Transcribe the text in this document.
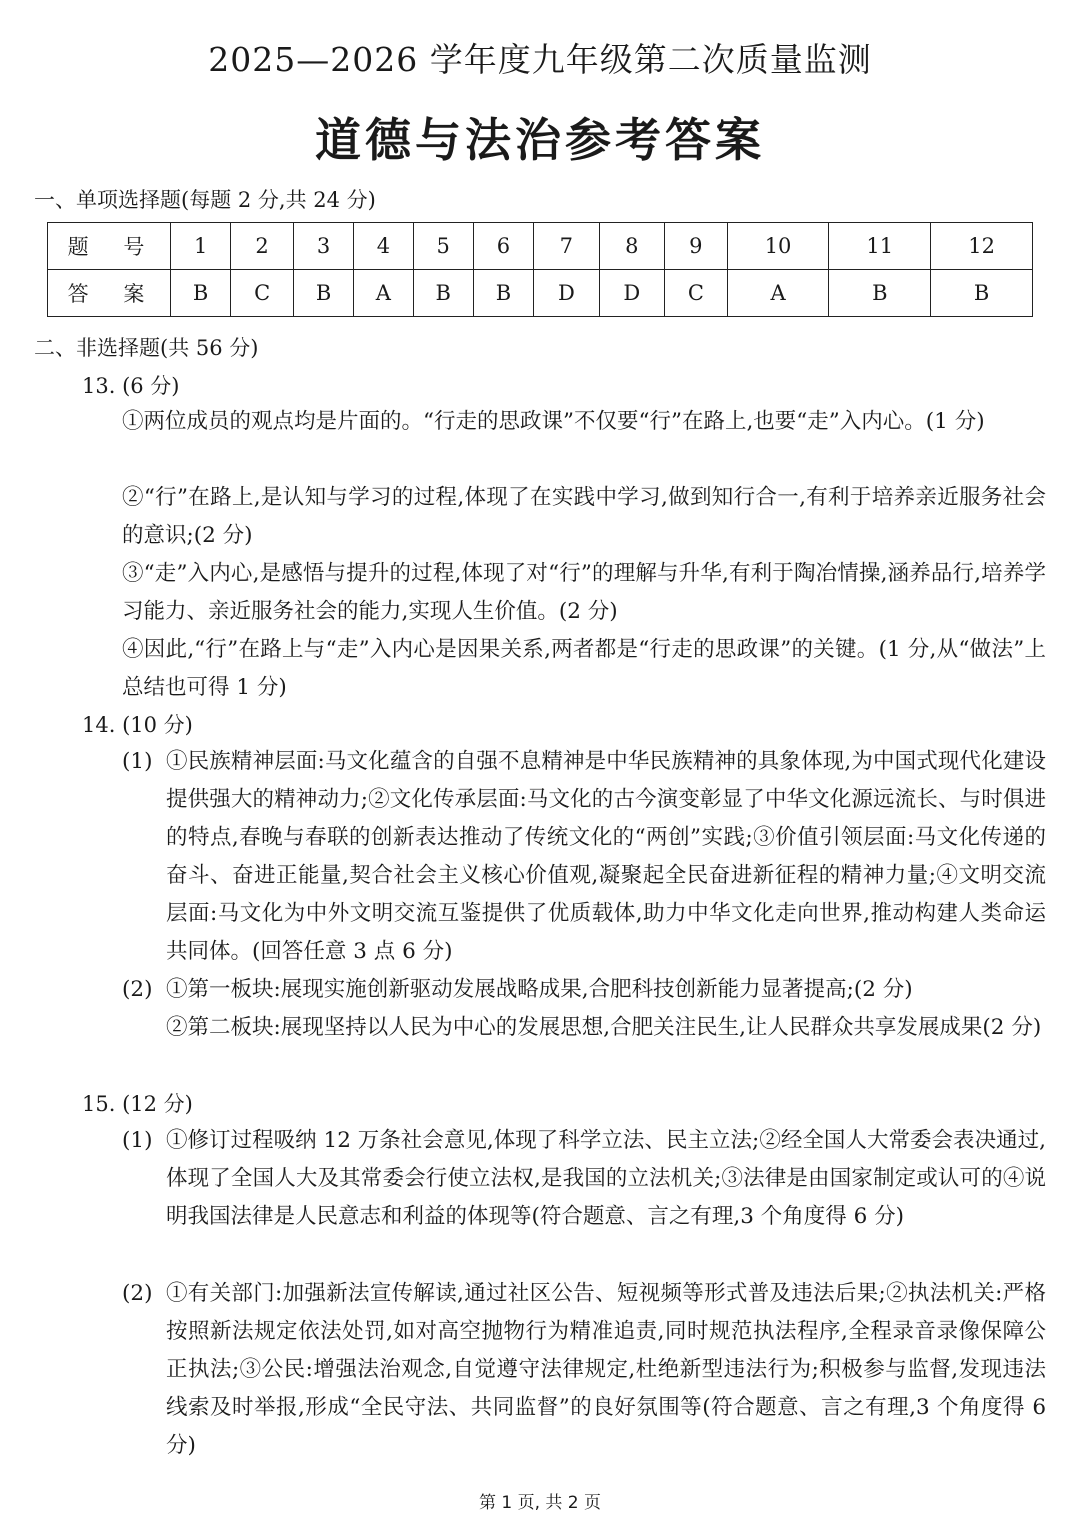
2025—2026 学年度九年级第二次质量监测
道德与法治参考答案
一、单项选择题(每题 2 分,共 24 分)
题 号	1	2	3	4	5	6	7	8	9	10	11	12
答 案	B	C	B	A	B	B	D	D	C	A	B	B
二、非选择题(共 56 分)
13. (6 分)
①两位成员的观点均是片面的。“行走的思政课”不仅要“行”在路上,也要“走”入内心。(1 分)
②“行”在路上,是认知与学习的过程,体现了在实践中学习,做到知行合一,有利于培养亲近服务社会的意识;(2 分)
③“走”入内心,是感悟与提升的过程,体现了对“行”的理解与升华,有利于陶冶情操,涵养品行,培养学习能力、亲近服务社会的能力,实现人生价值。(2 分)
④因此,“行”在路上与“走”入内心是因果关系,两者都是“行走的思政课”的关键。(1 分,从“做法”上总结也可得 1 分)
14. (10 分)
(1) ①民族精神层面:马文化蕴含的自强不息精神是中华民族精神的具象体现,为中国式现代化建设提供强大的精神动力;②文化传承层面:马文化的古今演变彰显了中华文化源远流长、与时俱进的特点,春晚与春联的创新表达推动了传统文化的“两创”实践;③价值引领层面:马文化传递的奋斗、奋进正能量,契合社会主义核心价值观,凝聚起全民奋进新征程的精神力量;④文明交流层面:马文化为中外文明交流互鉴提供了优质载体,助力中华文化走向世界,推动构建人类命运共同体。(回答任意 3 点 6 分)
(2) ①第一板块:展现实施创新驱动发展战略成果,合肥科技创新能力显著提高;(2 分)
②第二板块:展现坚持以人民为中心的发展思想,合肥关注民生,让人民群众共享发展成果(2 分)
15. (12 分)
(1) ①修订过程吸纳 12 万条社会意见,体现了科学立法、民主立法;②经全国人大常委会表决通过,体现了全国人大及其常委会行使立法权,是我国的立法机关;③法律是由国家制定或认可的④说明我国法律是人民意志和利益的体现等(符合题意、言之有理,3 个角度得 6 分)
(2) ①有关部门:加强新法宣传解读,通过社区公告、短视频等形式普及违法后果;②执法机关:严格按照新法规定依法处罚,如对高空抛物行为精准追责,同时规范执法程序,全程录音录像保障公正执法;③公民:增强法治观念,自觉遵守法律规定,杜绝新型违法行为;积极参与监督,发现违法线索及时举报,形成“全民守法、共同监督”的良好氛围等(符合题意、言之有理,3 个角度得 6 分)
第 1 页, 共 2 页
